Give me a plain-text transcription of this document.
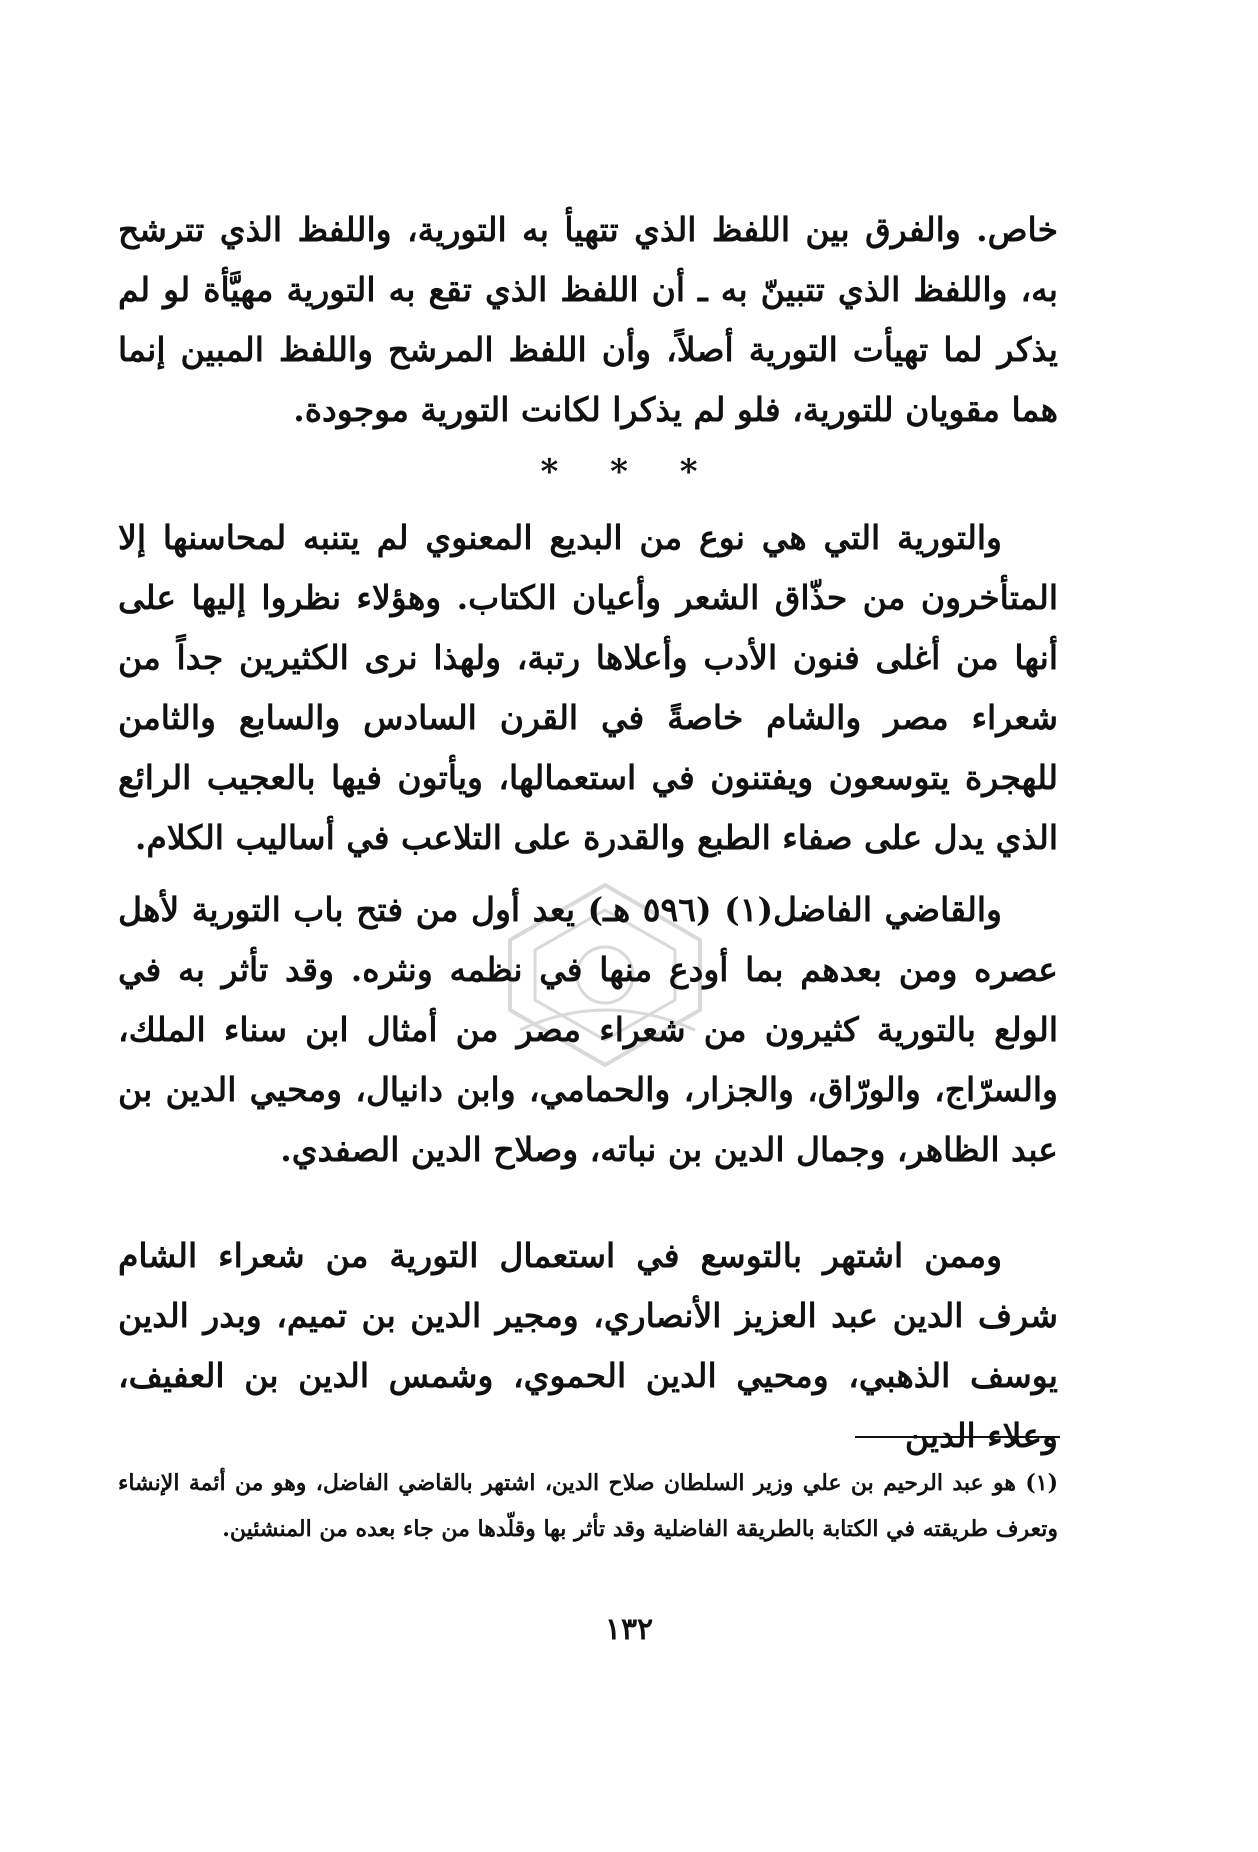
خاص. والفرق بين اللفظ الذي تتهيأ به التورية، واللفظ الذي تترشح به، واللفظ الذي تتبينّ به ـ أن اللفظ الذي تقع به التورية مهيَّأة لو لم يذكر لما تهيأت التورية أصلاً، وأن اللفظ المرشح واللفظ المبين إنما هما مقويان للتورية، فلو لم يذكرا لكانت التورية موجودة.
* * *
والتورية التي هي نوع من البديع المعنوي لم يتنبه لمحاسنها إلا المتأخرون من حذّاق الشعر وأعيان الكتاب. وهؤلاء نظروا إليها على أنها من أغلى فنون الأدب وأعلاها رتبة، ولهذا نرى الكثيرين جداً من شعراء مصر والشام خاصةً في القرن السادس والسابع والثامن للهجرة يتوسعون ويفتنون في استعمالها، ويأتون فيها بالعجيب الرائع الذي يدل على صفاء الطبع والقدرة على التلاعب في أساليب الكلام.
والقاضي الفاضل(١) (٥٩٦ هـ) يعد أول من فتح باب التورية لأهل عصره ومن بعدهم بما أودع منها في نظمه ونثره. وقد تأثر به في الولع بالتورية كثيرون من شعراء مصر من أمثال ابن سناء الملك، والسرّاج، والورّاق، والجزار، والحمامي، وابن دانيال، ومحيي الدين بن عبد الظاهر، وجمال الدين بن نباته، وصلاح الدين الصفدي.
وممن اشتهر بالتوسع في استعمال التورية من شعراء الشام شرف الدين عبد العزيز الأنصاري، ومجير الدين بن تميم، وبدر الدين يوسف الذهبي، ومحيي الدين الحموي، وشمس الدين بن العفيف، وعلاء الدين
(١) هو عبد الرحيم بن علي وزير السلطان صلاح الدين، اشتهر بالقاضي الفاضل، وهو من أئمة الإنشاء وتعرف طريقته في الكتابة بالطريقة الفاضلية وقد تأثر بها وقلّدها من جاء بعده من المنشئين.
١٣٢
